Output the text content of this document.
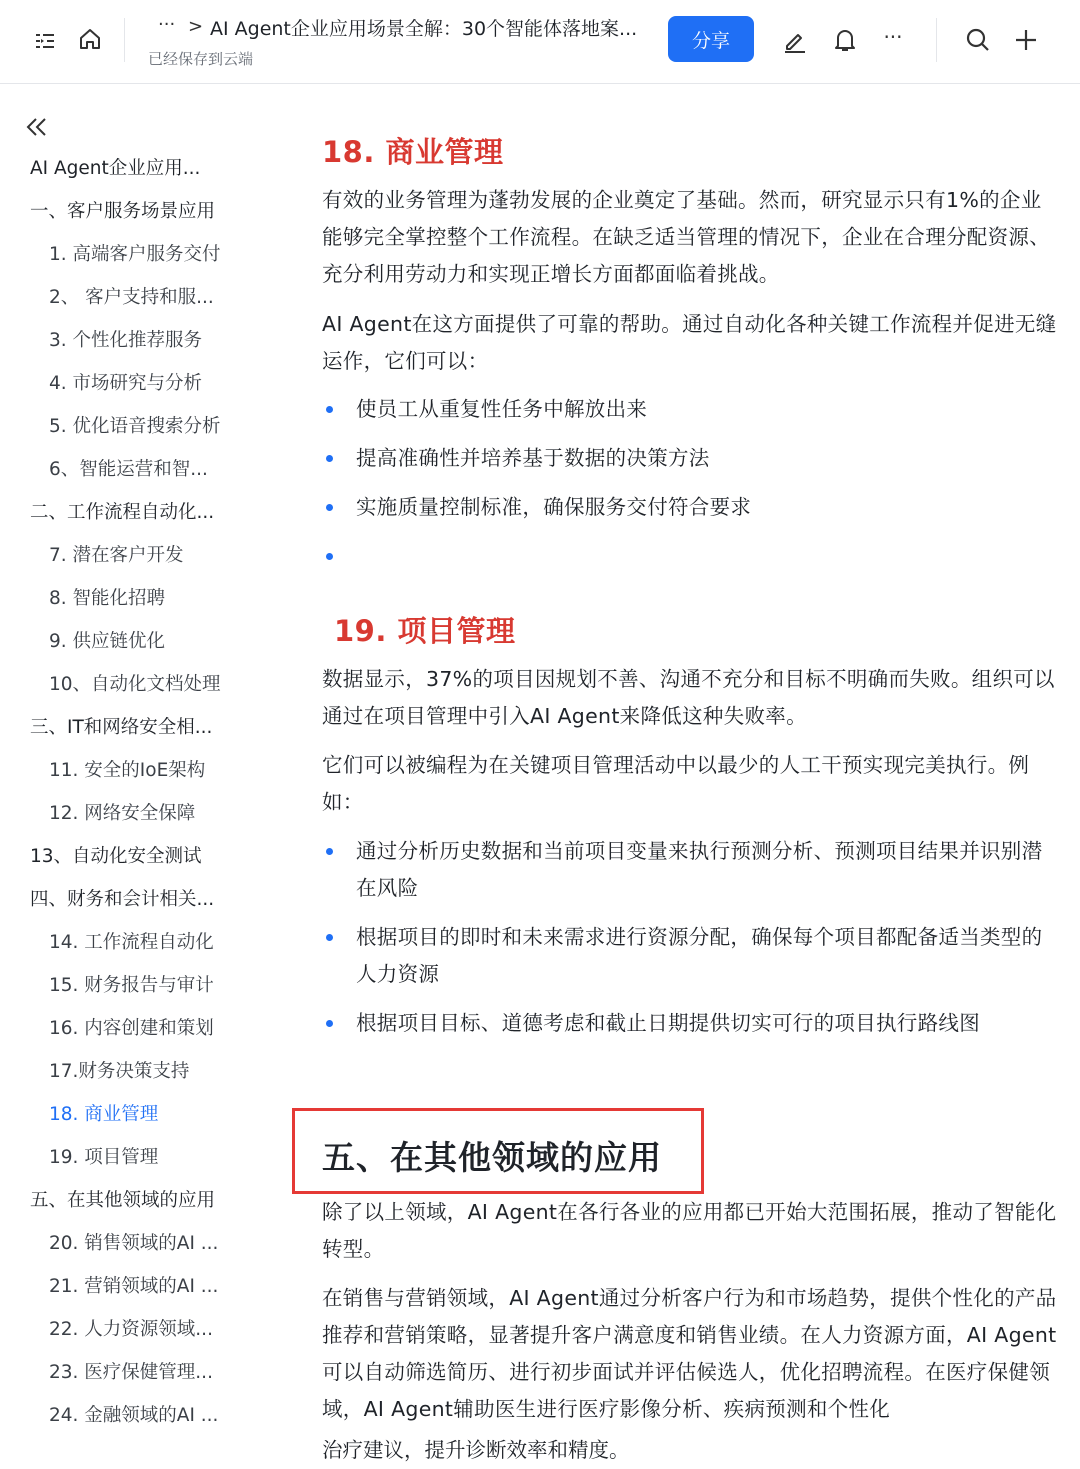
··· > AI Agent企业应用场景全解：30个智能体落地案...
已经保存到云端
分享	···
AI Agent企业应用...
一、客户服务场景应用
1. 高端客户服务交付
2、 客户支持和服...
3. 个性化推荐服务
4. 市场研究与分析
5. 优化语音搜索分析
6、智能运营和智...
二、工作流程自动化...
7. 潜在客户开发
8. 智能化招聘
9. 供应链优化
10、自动化文档处理
三、IT和网络安全相...
11. 安全的IoE架构
12. 网络安全保障
13、自动化安全测试
四、财务和会计相关...
14. 工作流程自动化
15. 财务报告与审计
16. 内容创建和策划
17.财务决策支持
18. 商业管理
19. 项目管理
五、在其他领域的应用
20. 销售领域的AI ...
21. 营销领域的AI ...
22. 人力资源领域...
23. 医疗保健管理...
24. 金融领域的AI ...
18. 商业管理

有效的业务管理为蓬勃发展的企业奠定了基础。然而，研究显示只有1%的企业能够完全掌控整个工作流程。在缺乏适当管理的情况下，企业在合理分配资源、充分利用劳动力和实现正增长方面都面临着挑战。

AI Agent在这方面提供了可靠的帮助。通过自动化各种关键工作流程并促进无缝运作，它们可以：

使员工从重复性任务中解放出来
提高准确性并培养基于数据的决策方法
实施质量控制标准，确保服务交付符合要求
19. 项目管理

数据显示，37%的项目因规划不善、沟通不充分和目标不明确而失败。组织可以通过在项目管理中引入AI Agent来降低这种失败率。

它们可以被编程为在关键项目管理活动中以最少的人工干预实现完美执行。例如：

通过分析历史数据和当前项目变量来执行预测分析、预测项目结果并识别潜在风险
根据项目的即时和未来需求进行资源分配，确保每个项目都配备适当类型的人力资源
根据项目目标、道德考虑和截止日期提供切实可行的项目执行路线图
五、在其他领域的应用

除了以上领域，AI Agent在各行各业的应用都已开始大范围拓展，推动了智能化转型。

在销售与营销领域，AI Agent通过分析客户行为和市场趋势，提供个性化的产品推荐和营销策略，显著提升客户满意度和销售业绩。在人力资源方面，AI Agent可以自动筛选简历、进行初步面试并评估候选人，优化招聘流程。在医疗保健领域，AI Agent辅助医生进行医疗影像分析、疾病预测和个性化

治疗建议，提升诊断效率和精度。
